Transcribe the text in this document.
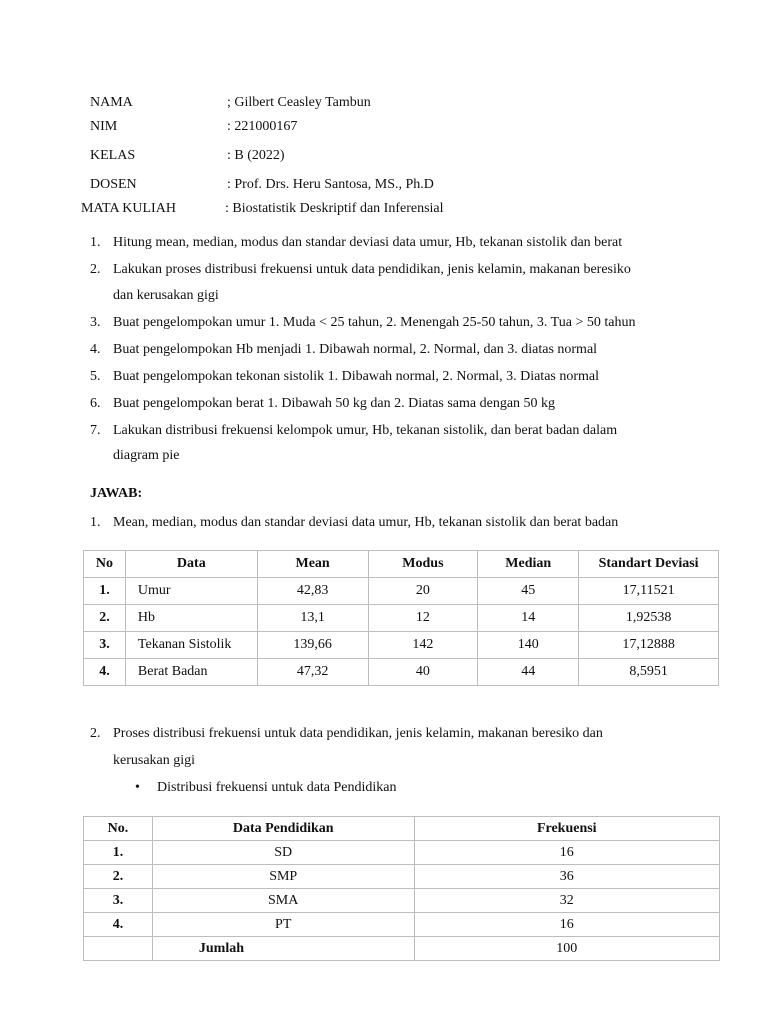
NAMA	; Gilbert Ceasley Tambun
NIM	: 221000167
KELAS	: B (2022)
DOSEN	: Prof. Drs. Heru Santosa, MS., Ph.D
MATA KULIAH	: Biostatistik Deskriptif dan Inferensial
1. Hitung mean, median, modus dan standar deviasi data umur, Hb, tekanan sistolik dan berat
2. Lakukan proses distribusi frekuensi untuk data pendidikan, jenis kelamin, makanan beresiko
dan kerusakan gigi
3. Buat pengelompokan umur 1. Muda < 25 tahun, 2. Menengah 25-50 tahun, 3. Tua > 50 tahun
4. Buat pengelompokan Hb menjadi 1. Dibawah normal, 2. Normal, dan 3. diatas normal
5. Buat pengelompokan tekonan sistolik 1. Dibawah normal, 2. Normal, 3. Diatas normal
6. Buat pengelompokan berat 1. Dibawah 50 kg dan 2. Diatas sama dengan 50 kg
7. Lakukan distribusi frekuensi kelompok umur, Hb, tekanan sistolik, dan berat badan dalam
diagram pie
JAWAB:
1. Mean, median, modus dan standar deviasi data umur, Hb, tekanan sistolik dan berat badan
No	Data	Mean	Modus	Median	Standart Deviasi
1.	Umur	42,83	20	45	17,11521
2.	Hb	13,1	12	14	1,92538
3.	Tekanan Sistolik	139,66	142	140	17,12888
4.	Berat Badan	47,32	40	44	8,5951
2. Proses distribusi frekuensi untuk data pendidikan, jenis kelamin, makanan beresiko dan
kerusakan gigi
• Distribusi frekuensi untuk data Pendidikan
No.	Data Pendidikan	Frekuensi
1.	SD	16
2.	SMP	36
3.	SMA	32
4.	PT	16
	Jumlah	100
